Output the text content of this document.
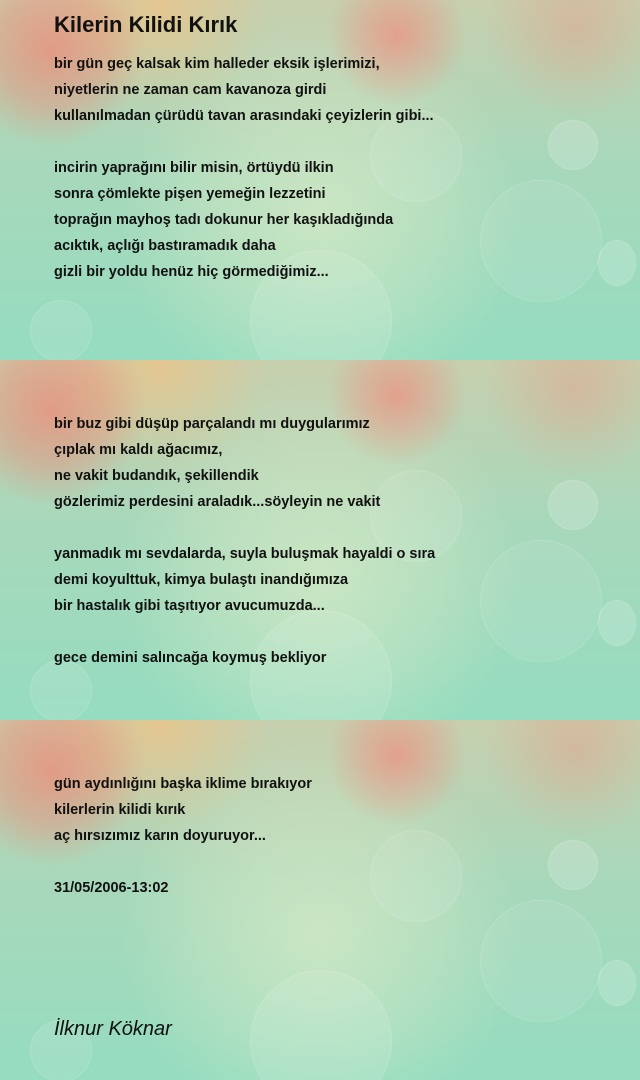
Kilerin Kilidi Kırık
bir gün geç kalsak kim halleder eksik işlerimizi,
niyetlerin ne zaman cam kavanoza girdi
kullanılmadan çürüdü tavan arasındaki çeyizlerin gibi...
incirin yaprağını bilir misin, örtüydü ilkin
sonra çömlekte pişen yemeğin lezzetini
toprağın mayhoş tadı dokunur her kaşıkladığında
acıktık, açlığı bastıramadık daha
gizli bir yoldu henüz hiç görmediğimiz...
bir buz gibi düşüp parçalandı mı duygularımız
çıplak mı kaldı ağacımız,
ne vakit budandık, şekillendik
gözlerimiz perdesini araladık...söyleyin ne vakit
yanmadık mı sevdalarda, suyla buluşmak hayaldi o sıra
demi koyulttuk, kimya bulaştı inandığımıza
bir hastalık gibi taşıtıyor avucumuzda...
gece demini salıncağa koymuş bekliyor
gün aydınlığını başka iklime bırakıyor
kilerlerin kilidi kırık
aç hırsızımız karın doyuruyor...
31/05/2006-13:02
İlknur Köknar
